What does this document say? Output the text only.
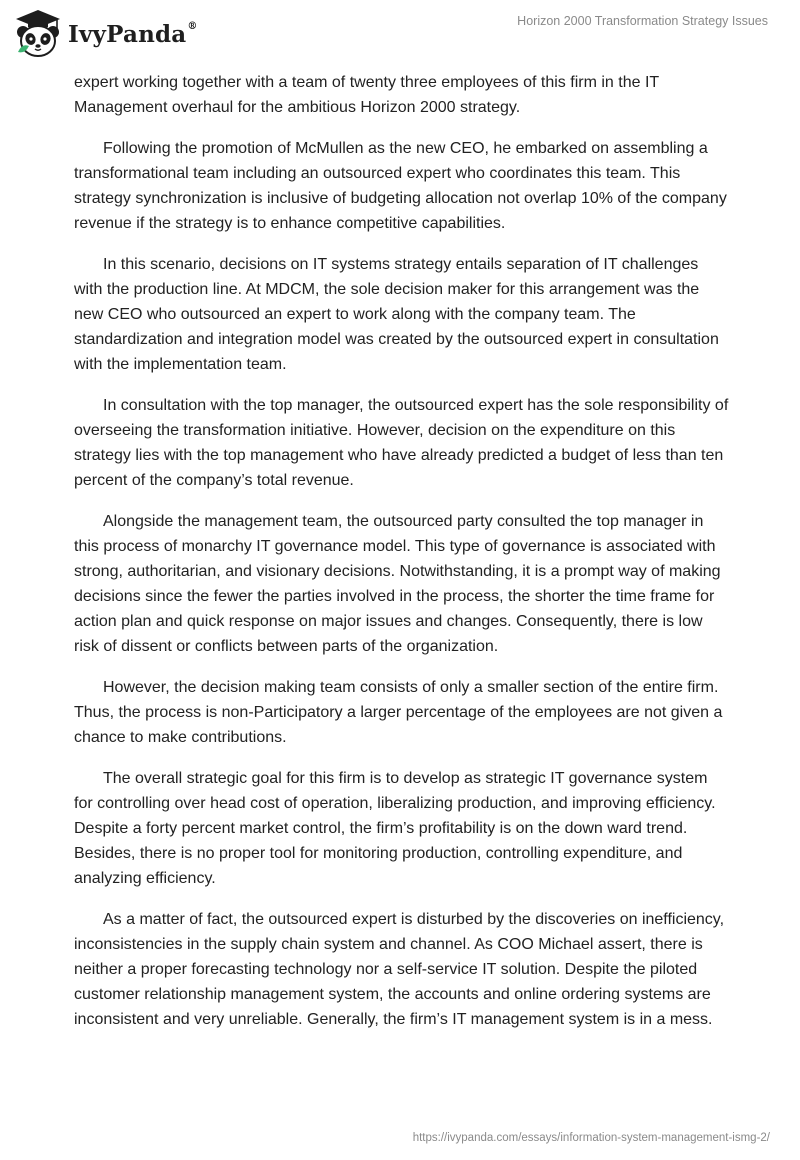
IvyPanda®	Horizon 2000 Transformation Strategy Issues

expert working together with a team of twenty three employees of this firm in the IT Management overhaul for the ambitious Horizon 2000 strategy.

Following the promotion of McMullen as the new CEO, he embarked on assembling a transformational team including an outsourced expert who coordinates this team. This strategy synchronization is inclusive of budgeting allocation not overlap 10% of the company revenue if the strategy is to enhance competitive capabilities.

In this scenario, decisions on IT systems strategy entails separation of IT challenges with the production line. At MDCM, the sole decision maker for this arrangement was the new CEO who outsourced an expert to work along with the company team. The standardization and integration model was created by the outsourced expert in consultation with the implementation team.

In consultation with the top manager, the outsourced expert has the sole responsibility of overseeing the transformation initiative. However, decision on the expenditure on this strategy lies with the top management who have already predicted a budget of less than ten percent of the company’s total revenue.

Alongside the management team, the outsourced party consulted the top manager in this process of monarchy IT governance model. This type of governance is associated with strong, authoritarian, and visionary decisions. Notwithstanding, it is a prompt way of making decisions since the fewer the parties involved in the process, the shorter the time frame for action plan and quick response on major issues and changes. Consequently, there is low risk of dissent or conflicts between parts of the organization.

However, the decision making team consists of only a smaller section of the entire firm. Thus, the process is non-Participatory a larger percentage of the employees are not given a chance to make contributions.

The overall strategic goal for this firm is to develop as strategic IT governance system for controlling over head cost of operation, liberalizing production, and improving efficiency. Despite a forty percent market control, the firm’s profitability is on the down ward trend. Besides, there is no proper tool for monitoring production, controlling expenditure, and analyzing efficiency.

As a matter of fact, the outsourced expert is disturbed by the discoveries on inefficiency, inconsistencies in the supply chain system and channel. As COO Michael assert, there is neither a proper forecasting technology nor a self-service IT solution. Despite the piloted customer relationship management system, the accounts and online ordering systems are inconsistent and very unreliable. Generally, the firm’s IT management system is in a mess.

https://ivypanda.com/essays/information-system-management-ismg-2/
